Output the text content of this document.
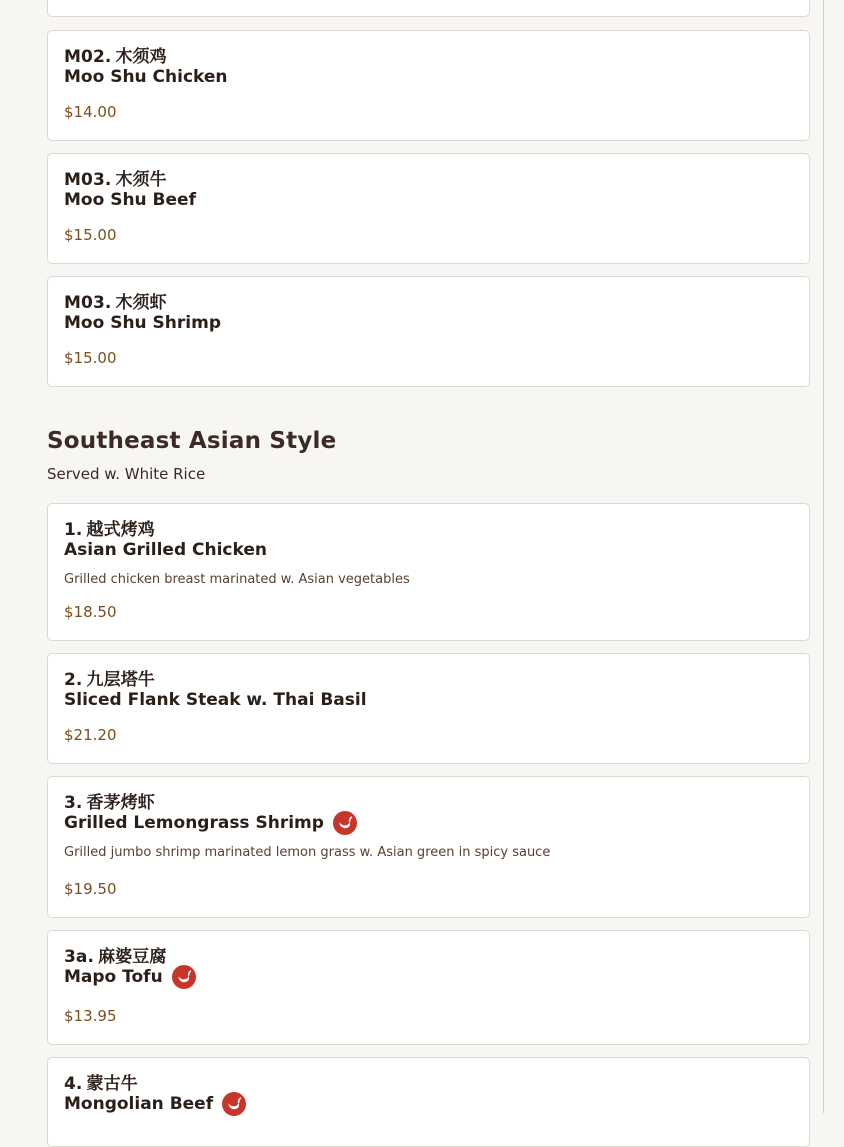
M02. 木须鸡
Moo Shu Chicken
$14.00
M03. 木须牛
Moo Shu Beef
$15.00
M03. 木须虾
Moo Shu Shrimp
$15.00
Southeast Asian Style
Served w. White Rice
1. 越式烤鸡
Asian Grilled Chicken
Grilled chicken breast marinated w. Asian vegetables
$18.50
2. 九层塔牛
Sliced Flank Steak w. Thai Basil
$21.20
3. 香茅烤虾
Grilled Lemongrass Shrimp
Grilled jumbo shrimp marinated lemon grass w. Asian green in spicy sauce
$19.50
3a. 麻婆豆腐
Mapo Tofu
$13.95
4. 蒙古牛
Mongolian Beef
